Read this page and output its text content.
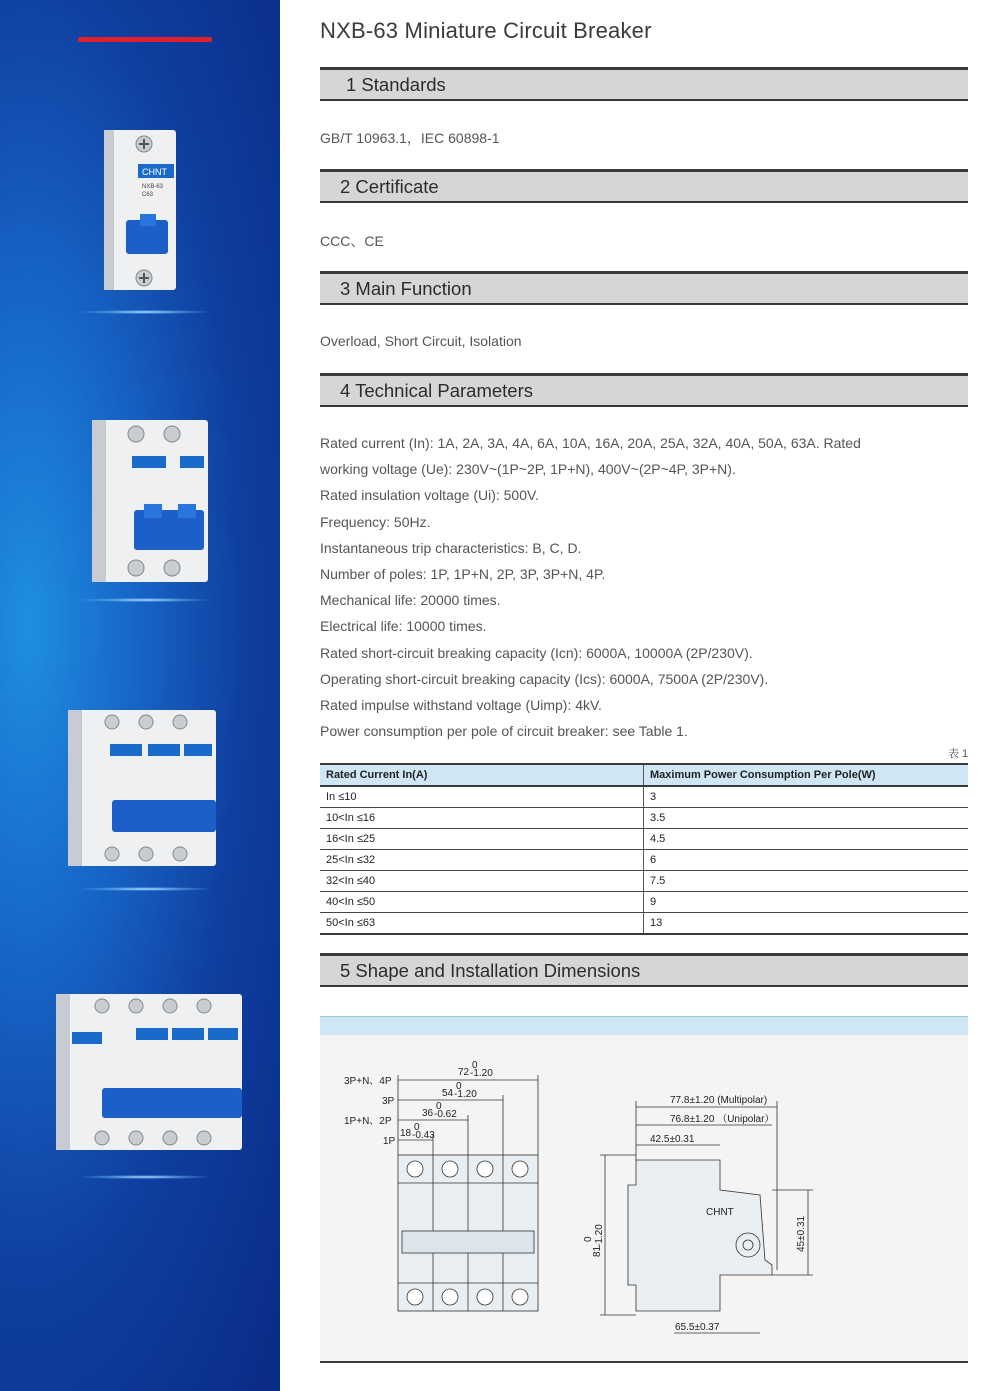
CHNT
NXB-63
C63
NXB-63 Miniature Circuit Breaker
1 Standards
GB/T 10963.1，IEC 60898-1
2 Certificate
CCC、CE
3 Main Function
Overload, Short Circuit, Isolation
4 Technical Parameters

Rated current (In): 1A, 2A, 3A, 4A, 6A, 10A, 16A, 20A, 25A, 32A, 40A, 50A, 63A. Rated

working voltage (Ue): 230V~(1P~2P, 1P+N), 400V~(2P~4P, 3P+N).

Rated insulation voltage (Ui): 500V.

Frequency: 50Hz.

Instantaneous trip characteristics: B, C, D.

Number of poles: 1P, 1P+N, 2P, 3P, 3P+N, 4P.

Mechanical life: 20000 times.

Electrical life: 10000 times.

Rated short-circuit breaking capacity (Icn): 6000A, 10000A (2P/230V).

Operating short-circuit breaking capacity (Ics): 6000A, 7500A (2P/230V).

Rated impulse withstand voltage (Uimp): 4kV.

Power consumption per pole of circuit breaker: see Table 1.

表 1
Rated Current In(A)	Maximum Power Consumption Per Pole(W)
In ≤10	3
10<In ≤16	3.5
16<In ≤25	4.5
25<In ≤32	6
32<In ≤40	7.5
40<In ≤50	9
50<In ≤63	13
5 Shape and Installation Dimensions
3P+N、4P
3P
1P+N、2P
1P
72
0
-1.20
54
0
-1.20
36
0
-0.62
18
0
-0.43
77.8±1.20 (Multipolar)
76.8±1.20 （Unipolar）
42.5±0.31
CHNT
81
0 -1.20	45±0.31
65.5±0.37
